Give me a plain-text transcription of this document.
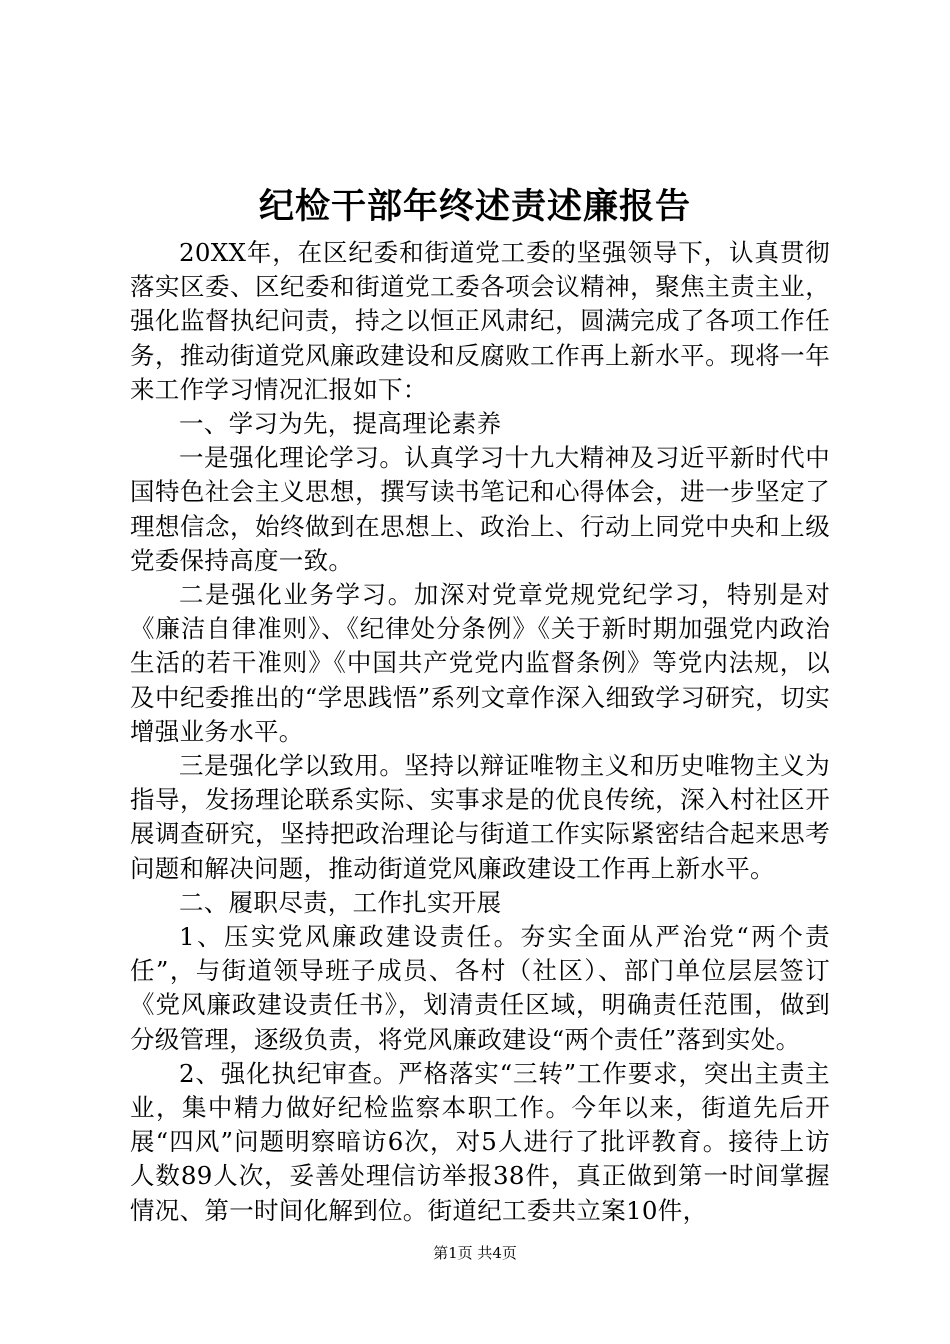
纪检干部年终述责述廉报告

20XX年，在区纪委和街道党工委的坚强领导下，认真贯彻落实区委、区纪委和街道党工委各项会议精神，聚焦主责主业，强化监督执纪问责，持之以恒正风肃纪，圆满完成了各项工作任务，推动街道党风廉政建设和反腐败工作再上新水平。现将一年来工作学习情况汇报如下：

一、学习为先，提高理论素养

一是强化理论学习。认真学习十九大精神及习近平新时代中国特色社会主义思想，撰写读书笔记和心得体会，进一步坚定了理想信念，始终做到在思想上、政治上、行动上同党中央和上级党委保持高度一致。

二是强化业务学习。加深对党章党规党纪学习，特别是对《廉洁自律准则》、《纪律处分条例》《关于新时期加强党内政治生活的若干准则》《中国共产党党内监督条例》等党内法规，以及中纪委推出的“学思践悟”系列文章作深入细致学习研究，切实增强业务水平。

三是强化学以致用。坚持以辩证唯物主义和历史唯物主义为指导，发扬理论联系实际、实事求是的优良传统，深入村社区开展调查研究，坚持把政治理论与街道工作实际紧密结合起来思考问题和解决问题，推动街道党风廉政建设工作再上新水平。

二、履职尽责，工作扎实开展

1、压实党风廉政建设责任。夯实全面从严治党“两个责任”，与街道领导班子成员、各村（社区）、部门单位层层签订《党风廉政建设责任书》，划清责任区域，明确责任范围，做到分级管理，逐级负责，将党风廉政建设“两个责任”落到实处。

2、强化执纪审查。严格落实“三转”工作要求，突出主责主业，集中精力做好纪检监察本职工作。今年以来，街道先后开展“四风”问题明察暗访6次，对5人进行了批评教育。接待上访人数89人次，妥善处理信访举报38件，真正做到第一时间掌握情况、第一时间化解到位。街道纪工委共立案10件，

第1页 共4页
